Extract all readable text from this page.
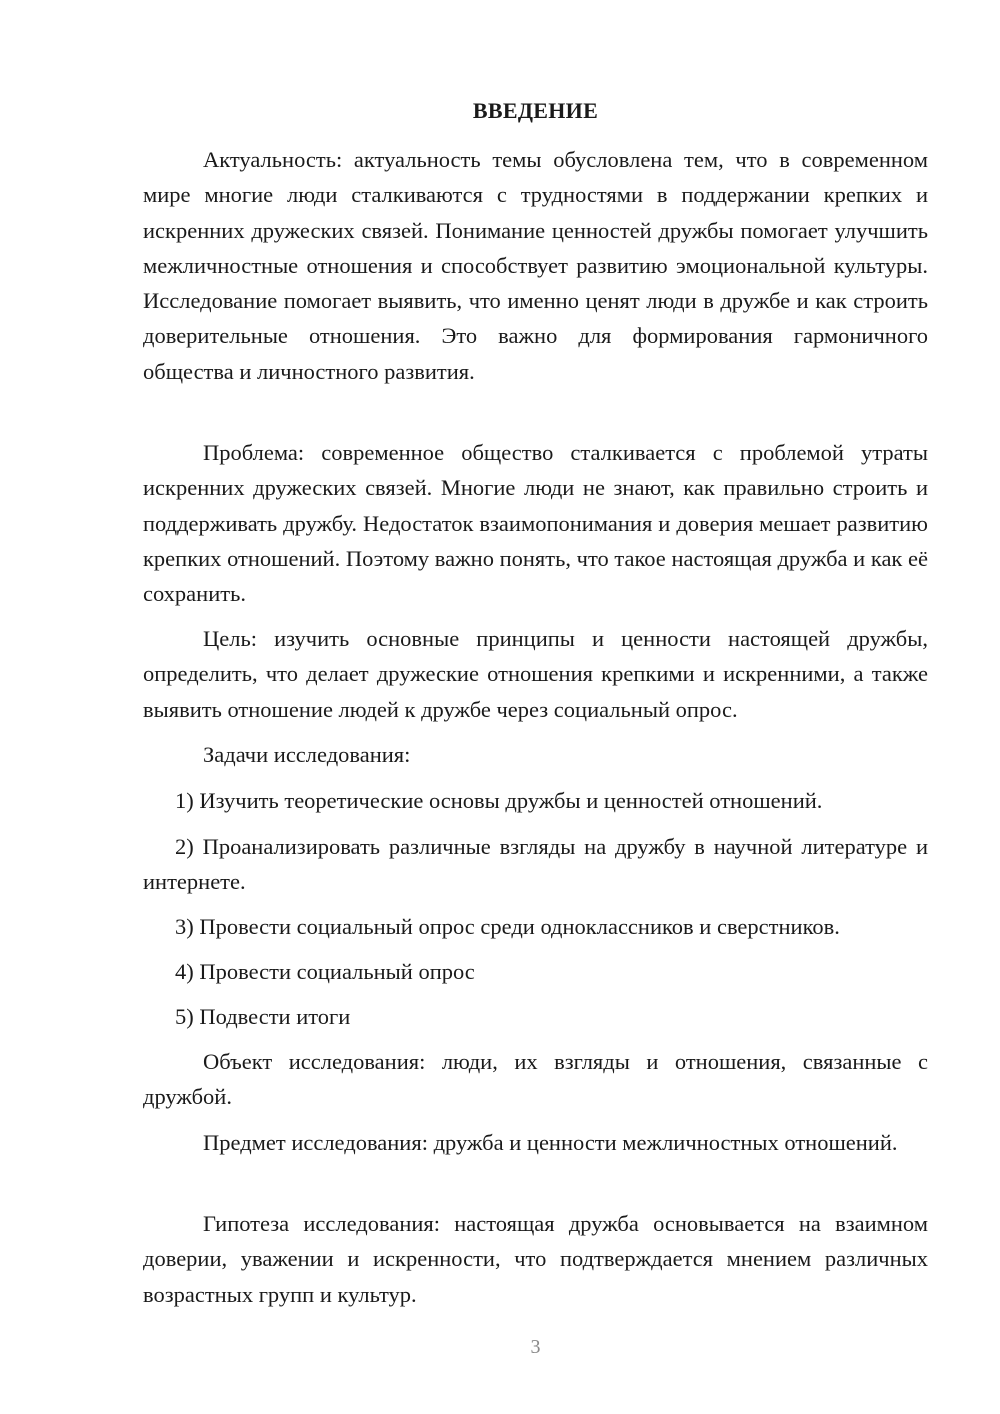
ВВЕДЕНИЕ

Актуальность: актуальность темы обусловлена тем, что в современном мире многие люди сталкиваются с трудностями в поддержании крепких и искренних дружеских связей. Понимание ценностей дружбы помогает улучшить межличностные отношения и способствует развитию эмоциональной культуры. Исследование помогает выявить, что именно ценят люди в дружбе и как строить доверительные отношения. Это важно для формирования гармоничного общества и личностного развития.

Проблема: современное общество сталкивается с проблемой утраты искренних дружеских связей. Многие люди не знают, как правильно строить и поддерживать дружбу. Недостаток взаимопонимания и доверия мешает развитию крепких отношений. Поэтому важно понять, что такое настоящая дружба и как её сохранить.

Цель: изучить основные принципы и ценности настоящей дружбы, определить, что делает дружеские отношения крепкими и искренними, а также выявить отношение людей к дружбе через социальный опрос.

Задачи исследования:

1) Изучить теоретические основы дружбы и ценностей отношений.

2) Проанализировать различные взгляды на дружбу в научной литературе и интернете.

3) Провести социальный опрос среди одноклассников и сверстников.

4) Провести социальный опрос

5) Подвести итоги

Объект исследования: люди, их взгляды и отношения, связанные с дружбой.

Предмет исследования: дружба и ценности межличностных отношений.

Гипотеза исследования: настоящая дружба основывается на взаимном доверии, уважении и искренности, что подтверждается мнением различных возрастных групп и культур.

3
